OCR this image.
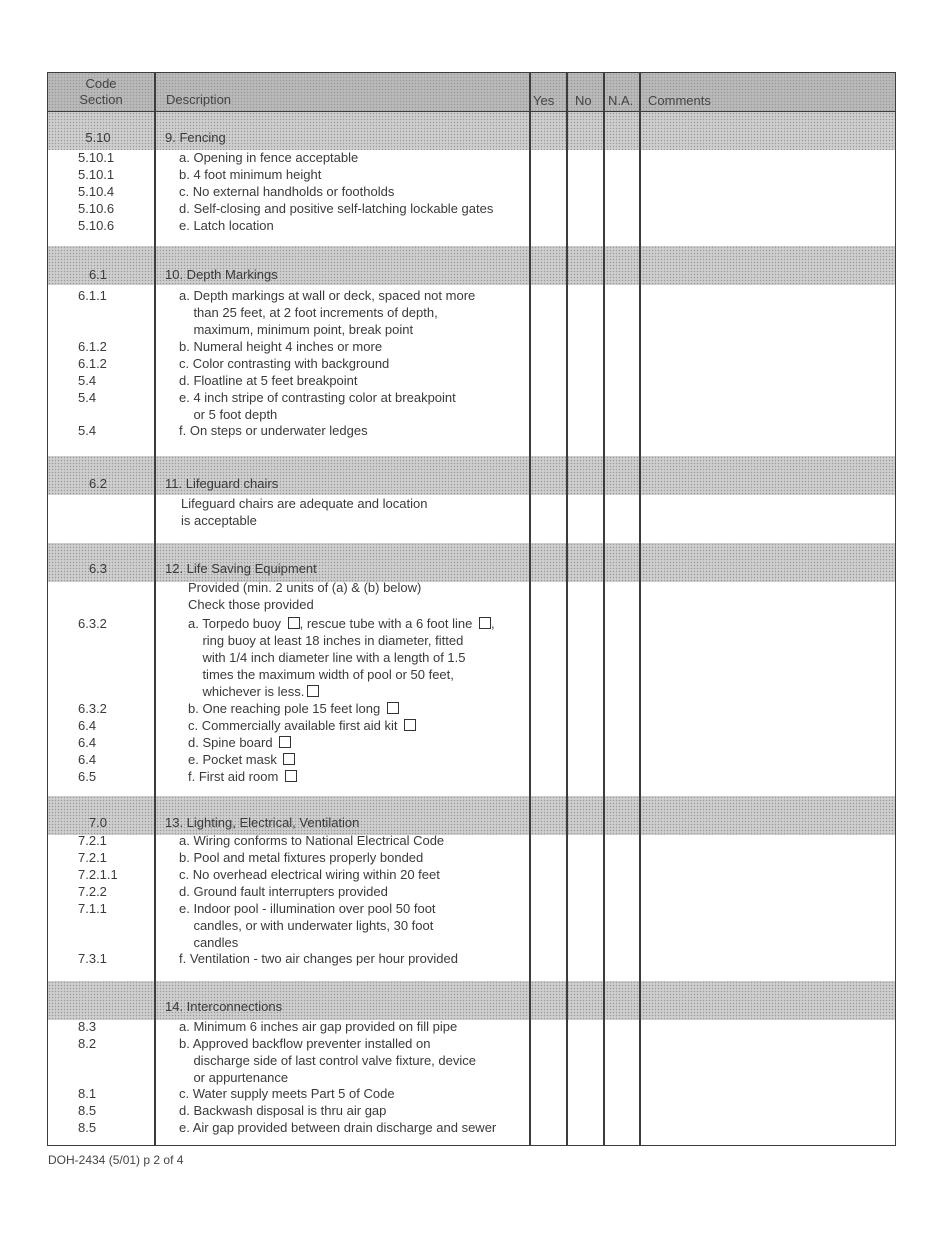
Code
Section	Description	Yes No N.A. Comments
5.10	9. Fencing
5.10.1	a. Opening in fence acceptable
5.10.1	b. 4 foot minimum height
5.10.4	c. No external handholds or footholds
5.10.6	d. Self-closing and positive self-latching lockable gates
5.10.6	e. Latch location
6.1	10. Depth Markings
6.1.1	a. Depth markings at wall or deck, spaced not more
than 25 feet, at 2 foot increments of depth,
maximum, minimum point, break point
6.1.2	b. Numeral height 4 inches or more
6.1.2	c. Color contrasting with background
5.4	d. Floatline at 5 feet breakpoint
5.4	e. 4 inch stripe of contrasting color at breakpoint
or 5 foot depth
5.4	f. On steps or underwater ledges
6.2	11. Lifeguard chairs
Lifeguard chairs are adequate and location
is acceptable
6.3	12. Life Saving Equipment
Provided (min. 2 units of (a) & (b) below)
Check those provided
6.3.2	a. Torpedo buoy , rescue tube with a 6 foot line ,
ring buoy at least 18 inches in diameter, fitted
with 1/4 inch diameter line with a length of 1.5
times the maximum width of pool or 50 feet,
whichever is less.
6.3.2	b. One reaching pole 15 feet long
6.4	c. Commercially available first aid kit
6.4	d. Spine board
6.4	e. Pocket mask
6.5	f. First aid room
7.0	13. Lighting, Electrical, Ventilation
7.2.1	a. Wiring conforms to National Electrical Code
7.2.1	b. Pool and metal fixtures properly bonded
7.2.1.1	c. No overhead electrical wiring within 20 feet
7.2.2	d. Ground fault interrupters provided
7.1.1	e. Indoor pool - illumination over pool 50 foot
candles, or with underwater lights, 30 foot
candles
7.3.1	f. Ventilation - two air changes per hour provided
14. Interconnections
8.3	a. Minimum 6 inches air gap provided on fill pipe
8.2	b. Approved backflow preventer installed on
discharge side of last control valve fixture, device
or appurtenance
8.1	c. Water supply meets Part 5 of Code
8.5	d. Backwash disposal is thru air gap
8.5	e. Air gap provided between drain discharge and sewer
DOH-2434 (5/01) p 2 of 4
